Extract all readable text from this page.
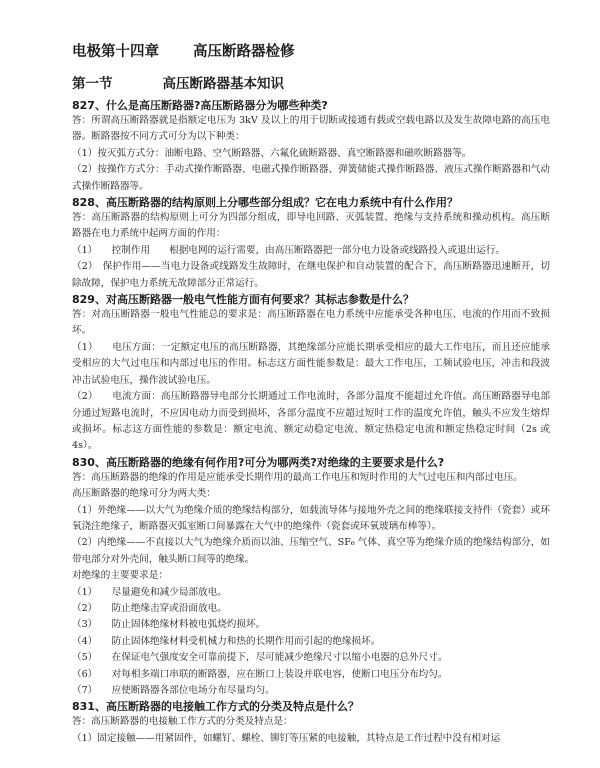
电极第十四章 高压断路器检修
第一节	高压断路器基本知识
827、什么是高压断路器?高压断路器分为哪些种类?
答：所谓高压断路器就是指额定电压为 3kV 及以上的用于切断或接通有载或空载电路以及发生故障电路的高压电器。断路器按不同方式可分为以下种类：
（1）按灭弧方式分：油断电路、空气断路器、六氟化硫断路器、真空断路器和磁吹断路器等。
（2）按操作方式分：手动式操作断路器、电磁式操作断路器、弹簧储能式操作断路器、液压式操作断路器和气动式操作断路器等。
828、高压断路器的结构原则上分哪些部分组成？它在电力系统中有什么作用？
答：高压断路器的结构原则上可分为四部分组成，即导电回路、灭弧装置、绝缘与支持系统和操动机构。高压断路器在电力系统中起两方面的作用：
（1）　　控制作用　　根据电网的运行需要，由高压断路器把一部分电力设备或线路投入或退出运行。
（2）　保护作用——当电力设备或线路发生故障时，在继电保护和自动装置的配合下，高压断路器迅速断开，切除故障，保护电力系统无故障部分正常运行。
829、对高压断路器一般电气性能方面有何要求？其标志参数是什么？
答：对高压断路器一般电气性能总的要求是：高压断路器在电力系统中应能承受各种电压、电流的作用而不致损坏。
（1）　　电压方面：一定额定电压的高压断路器，其绝缘部分应能长期承受相应的最大工作电压，而且还应能承受相应的大气过电压和内部过电压的作用。标志这方面性能参数是：最大工作电压，工频试验电压，冲击和段波冲击试验电压，操作波试验电压。
（2）　　电流方面：高压断路器导电部分长期通过工作电流时，各部分温度不能超过允许值。高压断路器导电部分通过短路电流时，不应因电动力而受到损坏，各部分温度不应超过短时工作的温度允许值，触头不应发生熔焊或损坏。标志这方面性能的参数是：额定电流、额定动稳定电流、额定热稳定电流和额定热稳定时间（2s 或 4s）。
830、高压断路器的绝缘有何作用?可分为哪两类?对绝缘的主要要求是什么?
答：高压断路器的绝缘的作用是应能承受长期作用的最高工作电压和短时作用的大气过电压和内部过电压。
高压断路器的绝缘可分为两大类：
（1）外绝缘——以大气为绝缘介质的绝缘结构部分，如载流导体与接地外壳之间的绝缘联接支持件（瓷套）或环氧浇注绝缘子，断路器灭弧室断口间暴露在大气中的绝缘件（瓷套或环氧玻璃布棒等）。
（2）内绝缘——不直接以大气为绝缘介质而以油、压缩空气、SF₆ 气体、真空等为绝缘介质的绝缘结构部分，如带电部分对外壳间，触头断口间等的绝缘。
对绝缘的主要要求是：
（1）　　尽量避免和减少局部放电。
（2）　　防止绝缘击穿或沿面放电。
（3）　　防止固体绝缘材料被电弧烧灼损坏。
（4）　　防止固体绝缘材料受机械力和热的长期作用而引起的绝缘损坏。
（5）　　在保证电气强度安全可靠前提下，尽可能减少绝缘尺寸以缩小电器的总外尺寸。
（6）　　对每相多端口串联的断路器，应在断口上装设并联电容，使断口电压分布均匀。
（7）　　应使断路器各部位电场分布尽量均匀。
831、高压断路器的电接触工作方式的分类及特点是什么？
答：高压断路器的电接触工作方式的分类及特点是：
（1）固定接触——用紧固件，如螺钉、螺栓、铆钉等压紧的电接触，其特点是工作过程中没有相对运
